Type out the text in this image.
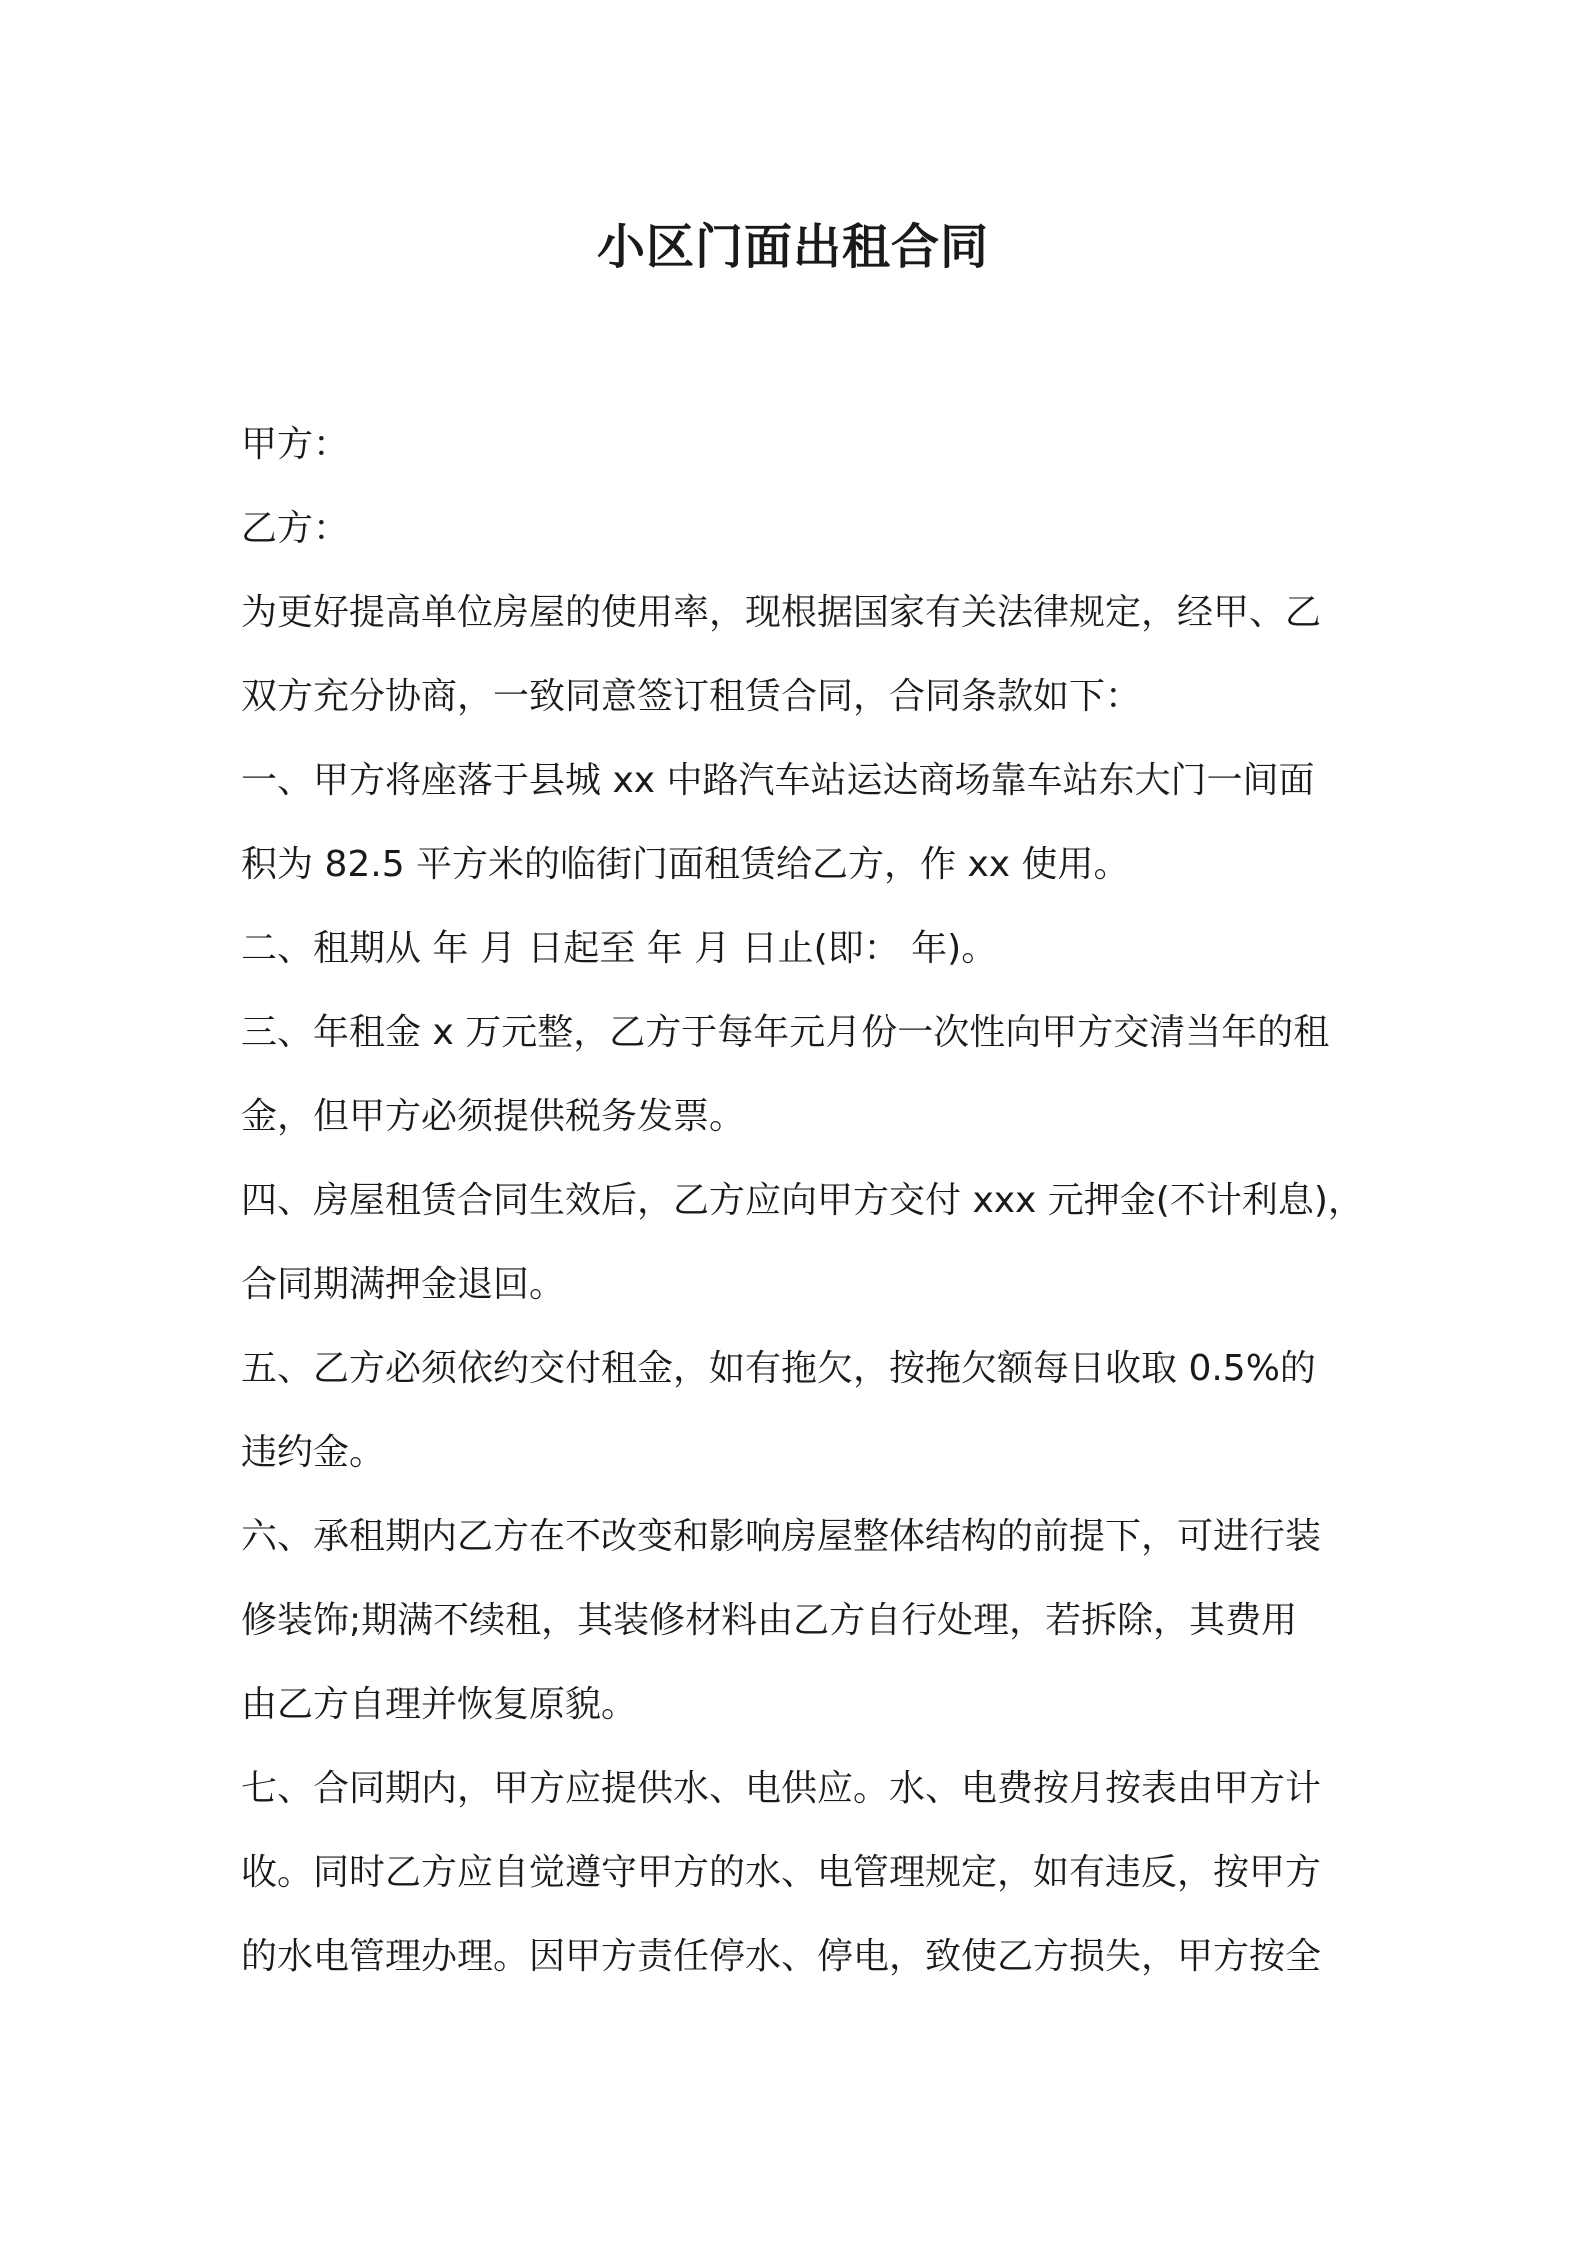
小区门面出租合同

甲方：

乙方：

为更好提高单位房屋的使用率，现根据国家有关法律规定，经甲、乙

双方充分协商，一致同意签订租赁合同，合同条款如下：

一、甲方将座落于县城 xx 中路汽车站运达商场靠车站东大门一间面

积为 82.5 平方米的临街门面租赁给乙方，作 xx 使用。

二、租期从 年 月 日起至 年 月 日止(即： 年)。

三、年租金 x 万元整，乙方于每年元月份一次性向甲方交清当年的租

金，但甲方必须提供税务发票。

四、房屋租赁合同生效后，乙方应向甲方交付 xxx 元押金(不计利息)，

合同期满押金退回。

五、乙方必须依约交付租金，如有拖欠，按拖欠额每日收取 0.5%的

违约金。

六、承租期内乙方在不改变和影响房屋整体结构的前提下，可进行装

修装饰;期满不续租，其装修材料由乙方自行处理，若拆除，其费用

由乙方自理并恢复原貌。

七、合同期内，甲方应提供水、电供应。水、电费按月按表由甲方计

收。同时乙方应自觉遵守甲方的水、电管理规定，如有违反，按甲方

的水电管理办理。因甲方责任停水、停电，致使乙方损失，甲方按全
